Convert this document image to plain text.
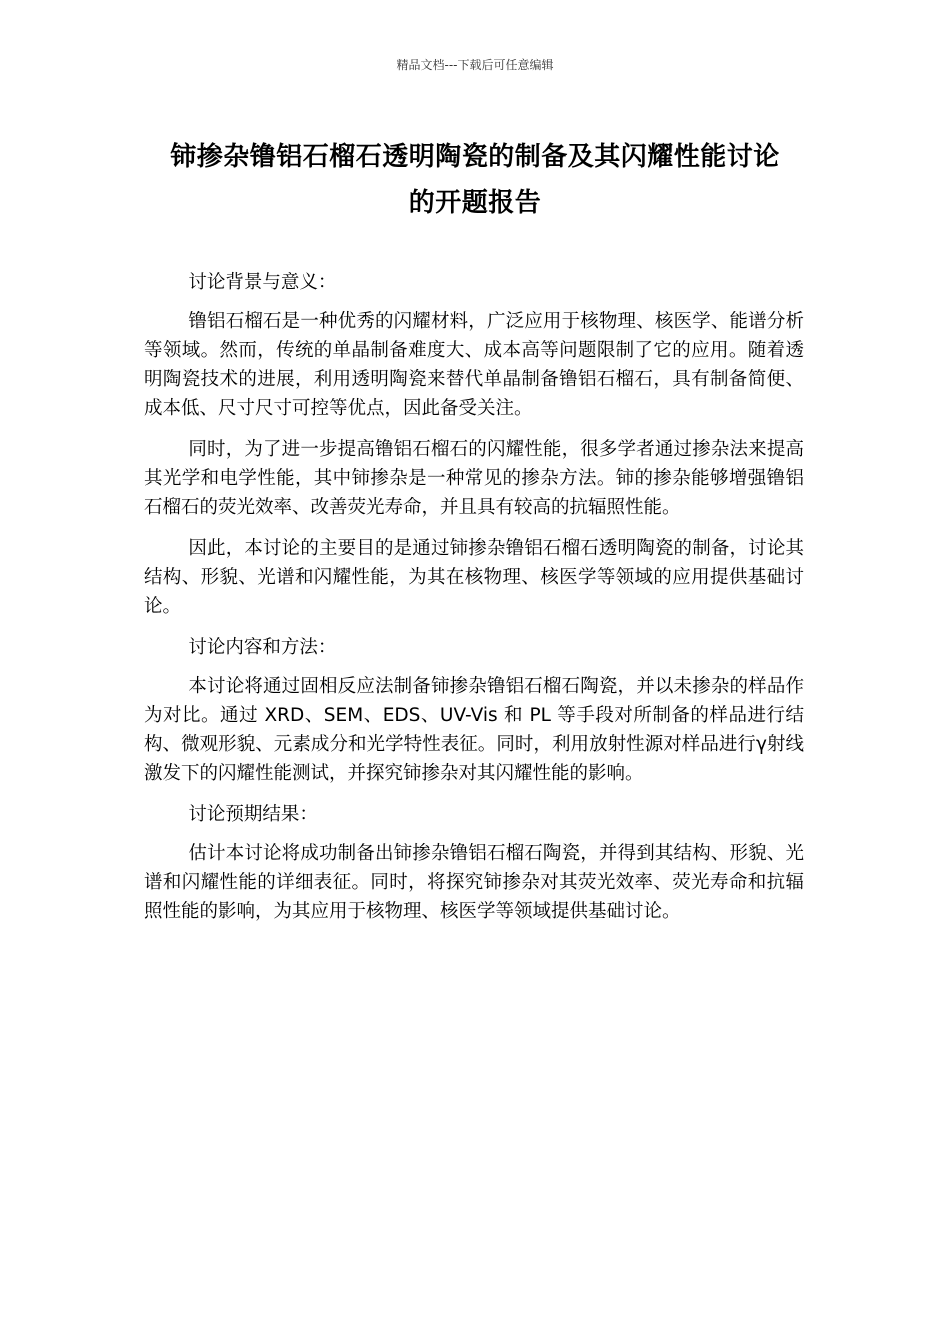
精品文档---下载后可任意编辑
铈掺杂镥铝石榴石透明陶瓷的制备及其闪耀性能讨论
的开题报告

讨论背景与意义：

镥铝石榴石是一种优秀的闪耀材料，广泛应用于核物理、核医学、能谱分析等领域。然而，传统的单晶制备难度大、成本高等问题限制了它的应用。随着透明陶瓷技术的进展，利用透明陶瓷来替代单晶制备镥铝石榴石，具有制备简便、成本低、尺寸尺寸可控等优点，因此备受关注。

同时，为了进一步提高镥铝石榴石的闪耀性能，很多学者通过掺杂法来提高其光学和电学性能，其中铈掺杂是一种常见的掺杂方法。铈的掺杂能够增强镥铝石榴石的荧光效率、改善荧光寿命，并且具有较高的抗辐照性能。

因此，本讨论的主要目的是通过铈掺杂镥铝石榴石透明陶瓷的制备，讨论其结构、形貌、光谱和闪耀性能，为其在核物理、核医学等领域的应用提供基础讨论。

讨论内容和方法：

本讨论将通过固相反应法制备铈掺杂镥铝石榴石陶瓷，并以未掺杂的样品作为对比。通过 XRD、SEM、EDS、UV-Vis 和 PL 等手段对所制备的样品进行结构、微观形貌、元素成分和光学特性表征。同时，利用放射性源对样品进行γ射线激发下的闪耀性能测试，并探究铈掺杂对其闪耀性能的影响。

讨论预期结果：

估计本讨论将成功制备出铈掺杂镥铝石榴石陶瓷，并得到其结构、形貌、光谱和闪耀性能的详细表征。同时，将探究铈掺杂对其荧光效率、荧光寿命和抗辐照性能的影响，为其应用于核物理、核医学等领域提供基础讨论。
